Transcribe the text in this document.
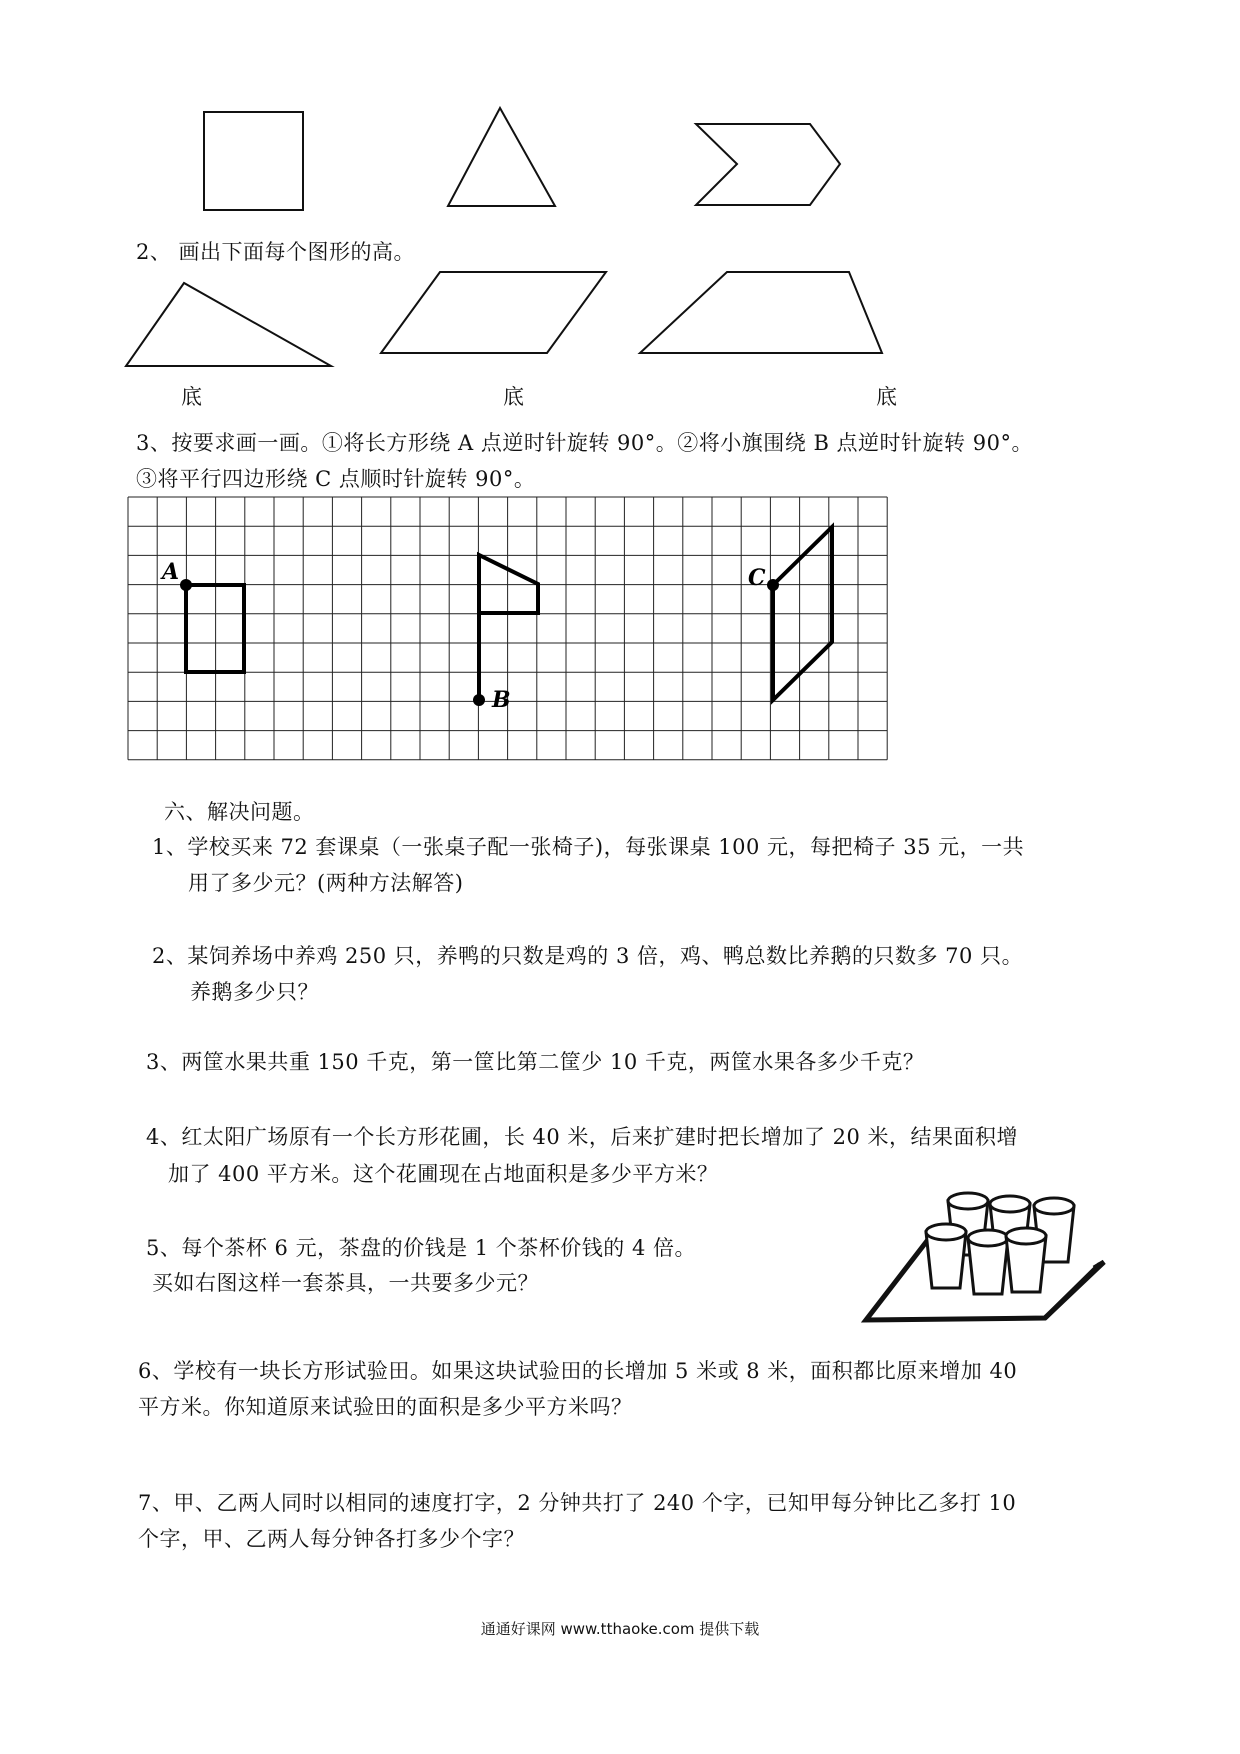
A
B
C
2、 画出下面每个图形的高。
底	底	底
3、按要求画一画。①将长方形绕 A 点逆时针旋转 90°。②将小旗围绕 B 点逆时针旋转 90°。
③将平行四边形绕 C 点顺时针旋转 90°。
六、解决问题。
1、学校买来 72 套课桌（一张桌子配一张椅子)，每张课桌 100 元，每把椅子 35 元，一共
用了多少元？(两种方法解答)
2、某饲养场中养鸡 250 只，养鸭的只数是鸡的 3 倍，鸡、鸭总数比养鹅的只数多 70 只。
养鹅多少只？
3、两筐水果共重 150 千克，第一筐比第二筐少 10 千克，两筐水果各多少千克？
4、红太阳广场原有一个长方形花圃，长 40 米，后来扩建时把长增加了 20 米，结果面积增
加了 400 平方米。这个花圃现在占地面积是多少平方米？
5、每个茶杯 6 元，茶盘的价钱是 1 个茶杯价钱的 4 倍。
买如右图这样一套茶具，一共要多少元？
6、学校有一块长方形试验田。如果这块试验田的长增加 5 米或 8 米，面积都比原来增加 40
平方米。你知道原来试验田的面积是多少平方米吗？
7、甲、乙两人同时以相同的速度打字，2 分钟共打了 240 个字，已知甲每分钟比乙多打 10
个字，甲、乙两人每分钟各打多少个字？
通通好课网 www.tthaoke.com 提供下载
